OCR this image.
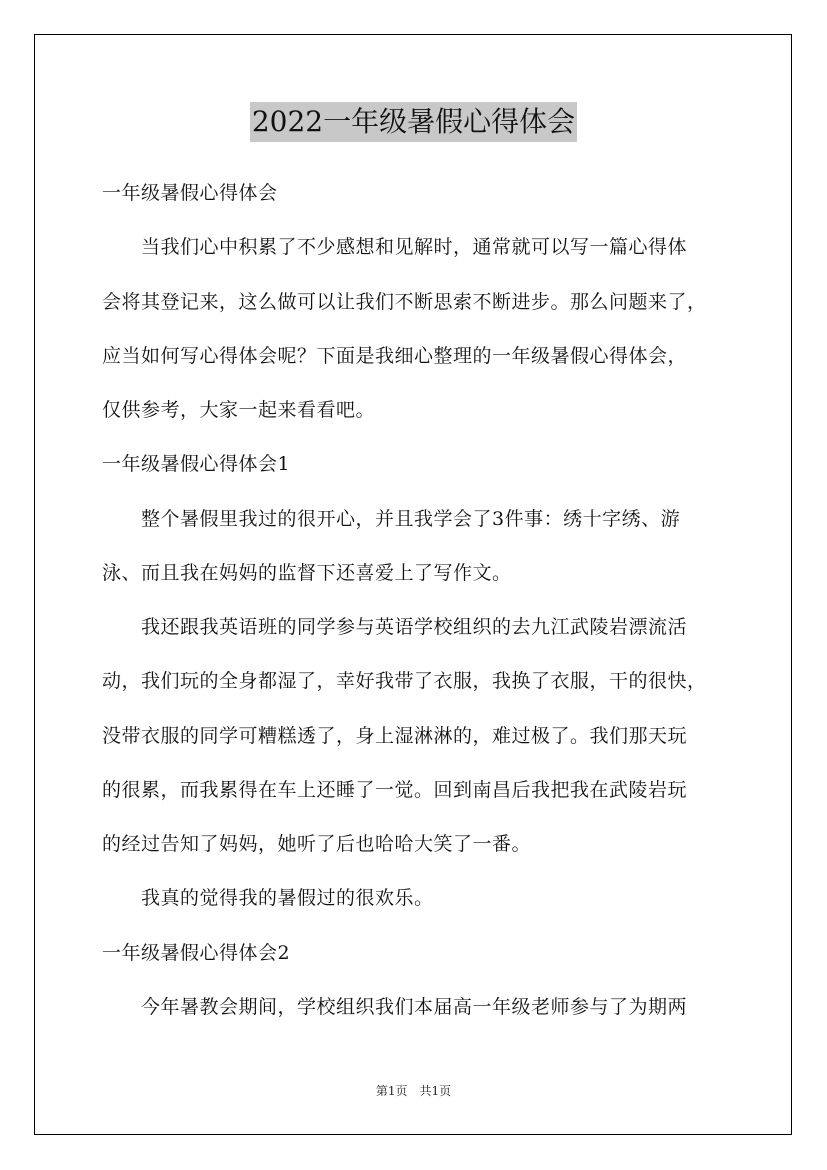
2022一年级暑假心得体会
一年级暑假心得体会
　　当我们心中积累了不少感想和见解时，通常就可以写一篇心得体
会将其登记来，这么做可以让我们不断思索不断进步。那么问题来了，
应当如何写心得体会呢？下面是我细心整理的一年级暑假心得体会，
仅供参考，大家一起来看看吧。
一年级暑假心得体会1
　　整个暑假里我过的很开心，并且我学会了3件事：绣十字绣、游
泳、而且我在妈妈的监督下还喜爱上了写作文。
　　我还跟我英语班的同学参与英语学校组织的去九江武陵岩漂流活
动，我们玩的全身都湿了，幸好我带了衣服，我换了衣服，干的很快，
没带衣服的同学可糟糕透了，身上湿淋淋的，难过极了。我们那天玩
的很累，而我累得在车上还睡了一觉。回到南昌后我把我在武陵岩玩
的经过告知了妈妈，她听了后也哈哈大笑了一番。
　　我真的觉得我的暑假过的很欢乐。
一年级暑假心得体会2
　　今年暑教会期间，学校组织我们本届高一年级老师参与了为期两
第1页　共1页
